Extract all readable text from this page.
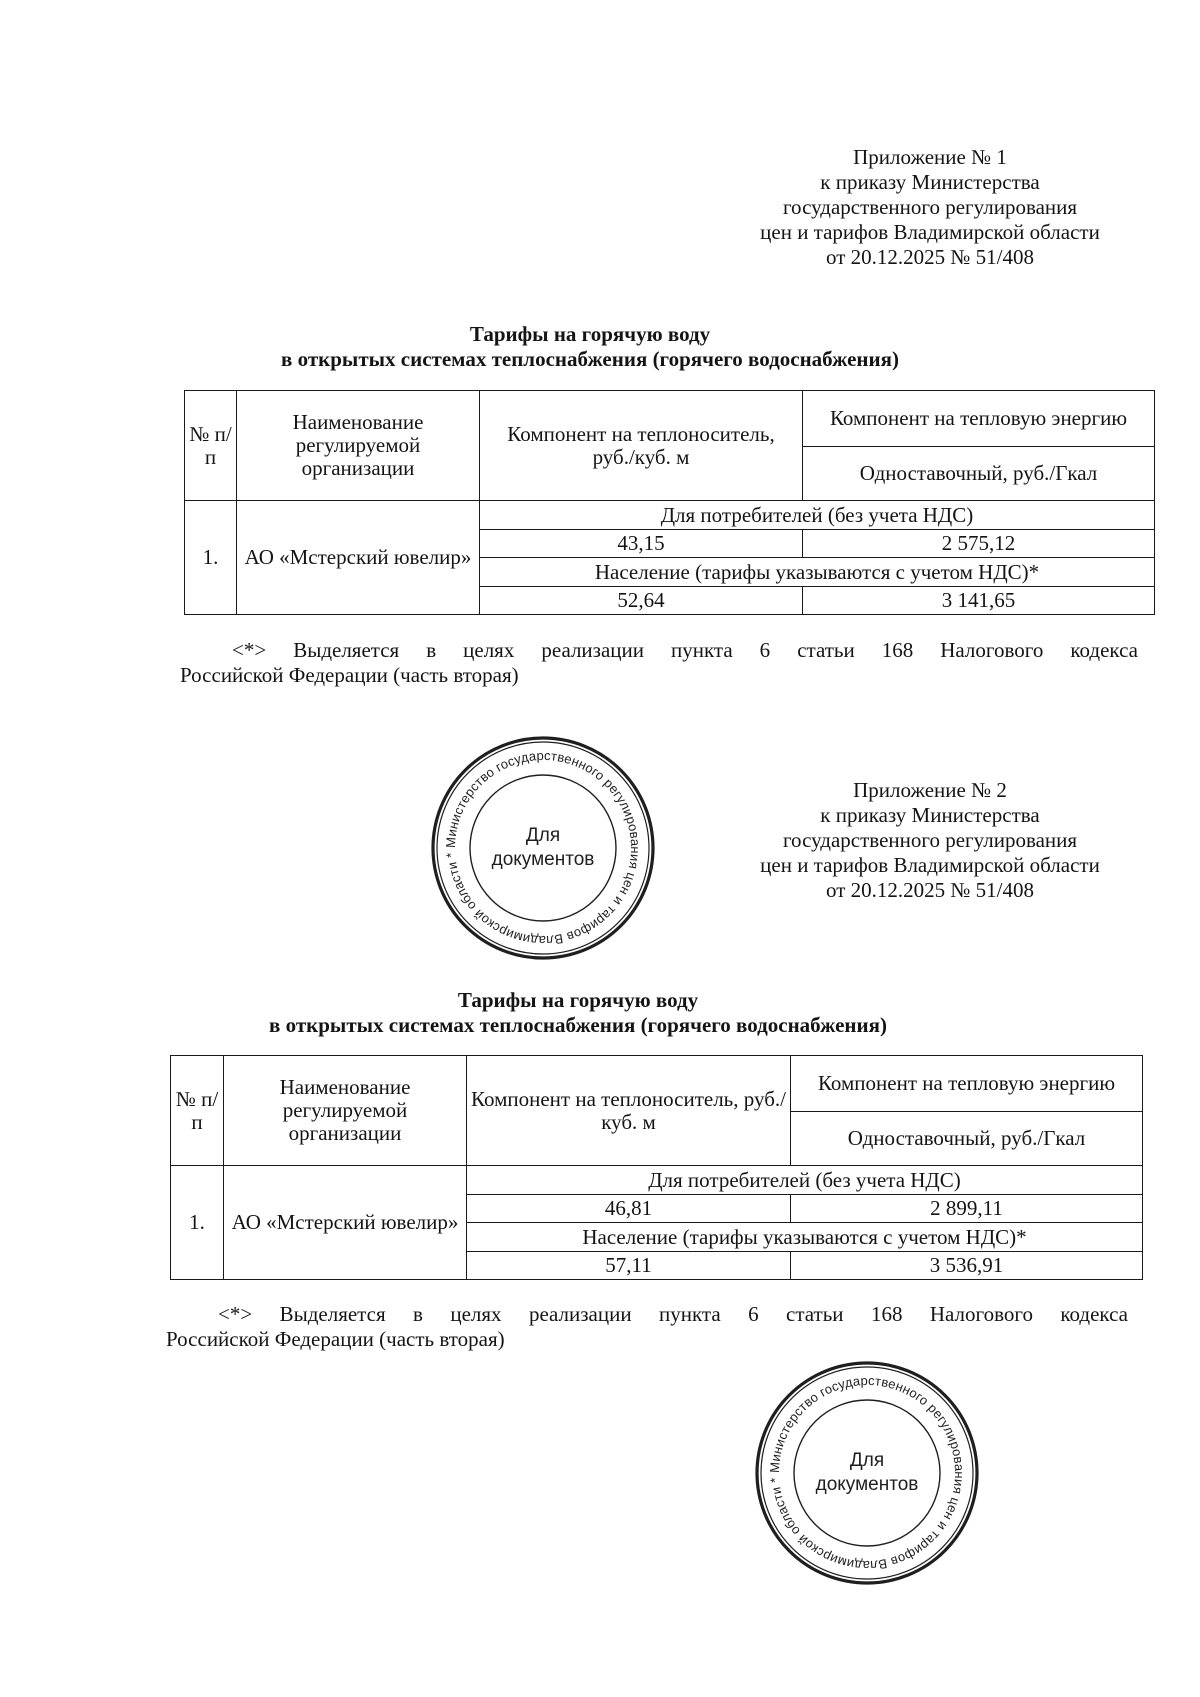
Приложение № 1
к приказу Министерства
государственного регулирования
цен и тарифов Владимирской области
от 20.12.2025 № 51/408
Тарифы на горячую воду
в открытых системах теплоснабжения (горячего водоснабжения)
№ п/п	Наименование регулируемой организации	Компонент на теплоноситель, руб./куб. м	Компонент на тепловую энергию
			Одноставочный, руб./Гкал
1.	АО «Мстерский ювелир»	Для потребителей (без учета НДС)	
		43,15	2 575,12
		Население (тарифы указываются с учетом НДС)*	
		52,64	3 141,65
<*> Выделяется в целях реализации пункта 6 статьи 168 Налогового кодекса
Российской Федерации (часть вторая)
Министерство государственного регулирования цен и тарифов Владимирской области *
Для
документов
Приложение № 2
к приказу Министерства
государственного регулирования
цен и тарифов Владимирской области
от 20.12.2025 № 51/408
Тарифы на горячую воду
в открытых системах теплоснабжения (горячего водоснабжения)
№ п/п	Наименование регулируемой организации	Компонент на теплоноситель, руб./куб. м	Компонент на тепловую энергию
			Одноставочный, руб./Гкал
1.	АО «Мстерский ювелир»	Для потребителей (без учета НДС)	
		46,81	2 899,11
		Население (тарифы указываются с учетом НДС)*	
		57,11	3 536,91
<*> Выделяется в целях реализации пункта 6 статьи 168 Налогового кодекса
Российской Федерации (часть вторая)
Министерство государственного регулирования цен и тарифов Владимирской области *
Для
документов
